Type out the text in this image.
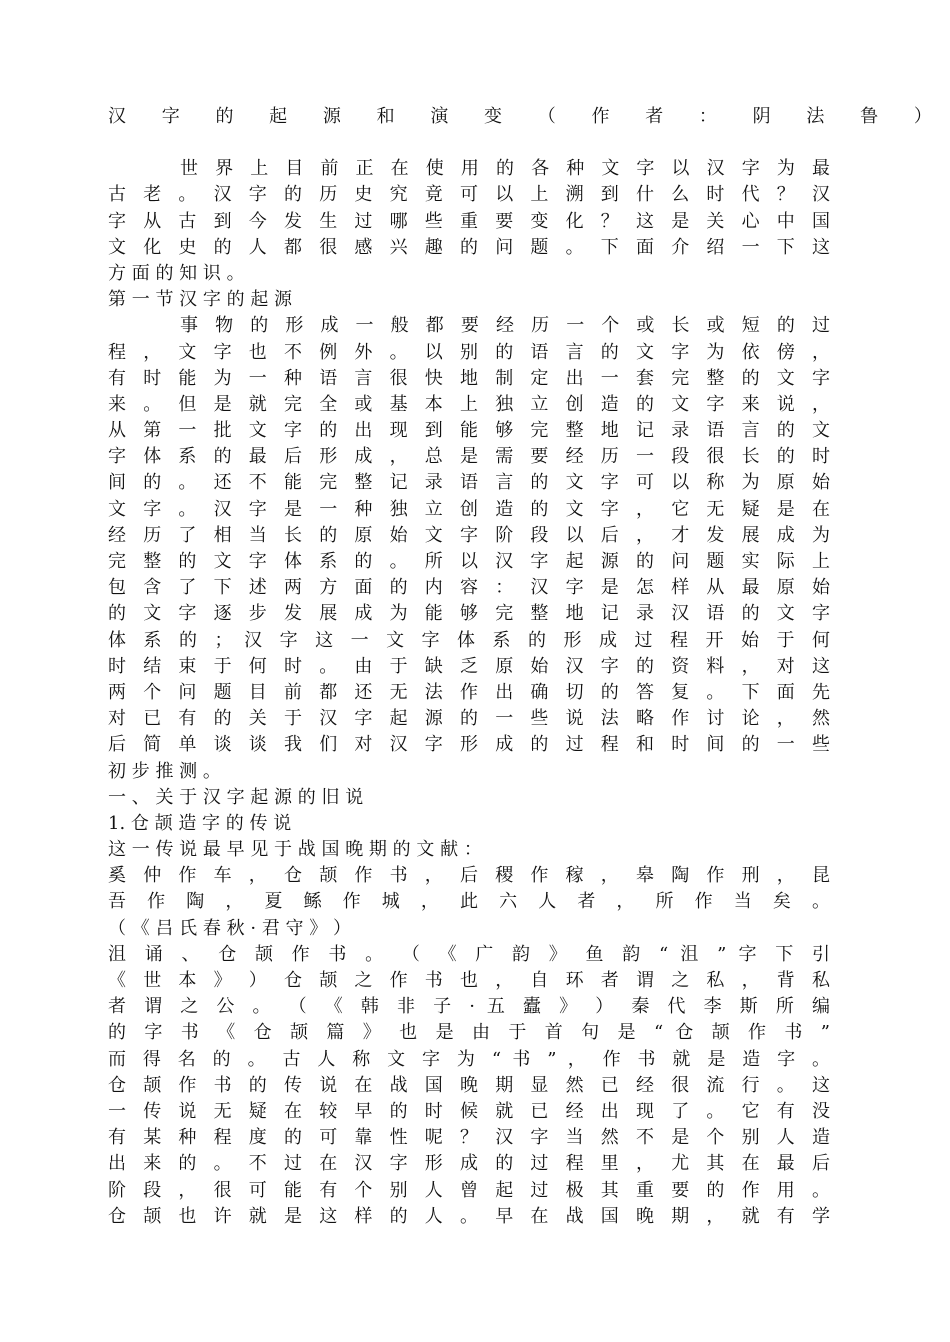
汉 字 的 起 源 和 演 变 （ 作 者 ： 阴 法 鲁 ）
世 界 上 目 前 正 在 使 用 的 各 种 文 字 以 汉 字 为 最
古 老 。 汉 字 的 历 史 究 竟 可 以 上 溯 到 什 么 时 代 ？ 汉
字 从 古 到 今 发 生 过 哪 些 重 要 变 化 ？ 这 是 关 心 中 国
文 化 史 的 人 都 很 感 兴 趣 的 问 题 。 下 面 介 绍 一 下 这
方 面 的 知 识 。
第 一 节 汉 字 的 起 源
事 物 的 形 成 一 般 都 要 经 历 一 个 或 长 或 短 的 过
程 ， 文 字 也 不 例 外 。 以 别 的 语 言 的 文 字 为 依 傍 ，
有 时 能 为 一 种 语 言 很 快 地 制 定 出 一 套 完 整 的 文 字
来 。 但 是 就 完 全 或 基 本 上 独 立 创 造 的 文 字 来 说 ，
从 第 一 批 文 字 的 出 现 到 能 够 完 整 地 记 录 语 言 的 文
字 体 系 的 最 后 形 成 ， 总 是 需 要 经 历 一 段 很 长 的 时
间 的 。 还 不 能 完 整 记 录 语 言 的 文 字 可 以 称 为 原 始
文 字 。 汉 字 是 一 种 独 立 创 造 的 文 字 ， 它 无 疑 是 在
经 历 了 相 当 长 的 原 始 文 字 阶 段 以 后 ， 才 发 展 成 为
完 整 的 文 字 体 系 的 。 所 以 汉 字 起 源 的 问 题 实 际 上
包 含 了 下 述 两 方 面 的 内 容 ： 汉 字 是 怎 样 从 最 原 始
的 文 字 逐 步 发 展 成 为 能 够 完 整 地 记 录 汉 语 的 文 字
体 系 的 ； 汉 字 这 一 文 字 体 系 的 形 成 过 程 开 始 于 何
时 结 束 于 何 时 。 由 于 缺 乏 原 始 汉 字 的 资 料 ， 对 这
两 个 问 题 目 前 都 还 无 法 作 出 确 切 的 答 复 。 下 面 先
对 已 有 的 关 于 汉 字 起 源 的 一 些 说 法 略 作 讨 论 ， 然
后 简 单 谈 谈 我 们 对 汉 字 形 成 的 过 程 和 时 间 的 一 些
初 步 推 测 。
一 、 关 于 汉 字 起 源 的 旧 说
1. 仓 颉 造 字 的 传 说
这 一 传 说 最 早 见 于 战 国 晚 期 的 文 献 ：
奚 仲 作 车 ， 仓 颉 作 书 ， 后 稷 作 稼 ， 皋 陶 作 刑 ， 昆
吾 作 陶 ， 夏 鲧 作 城 ， 此 六 人 者 ， 所 作 当 矣 。
（ 《 吕 氏 春 秋 · 君 守 》 ）
沮 诵 、 仓 颉 作 书 。 （ 《 广 韵 》 鱼 韵 “ 沮 ” 字 下 引
《 世 本 》 ） 仓 颉 之 作 书 也 ， 自 环 者 谓 之 私 ， 背 私
者 谓 之 公 。 （ 《 韩 非 子 · 五 蠹 》 ） 秦 代 李 斯 所 编
的 字 书 《 仓 颉 篇 》 也 是 由 于 首 句 是 “ 仓 颉 作 书 ”
而 得 名 的 。 古 人 称 文 字 为 “ 书 ” ， 作 书 就 是 造 字 。
仓 颉 作 书 的 传 说 在 战 国 晚 期 显 然 已 经 很 流 行 。 这
一 传 说 无 疑 在 较 早 的 时 候 就 已 经 出 现 了 。 它 有 没
有 某 种 程 度 的 可 靠 性 呢 ？ 汉 字 当 然 不 是 个 别 人 造
出 来 的 。 不 过 在 汉 字 形 成 的 过 程 里 ， 尤 其 在 最 后
阶 段 ， 很 可 能 有 个 别 人 曾 起 过 极 其 重 要 的 作 用 。
仓 颉 也 许 就 是 这 样 的 人 。 早 在 战 国 晚 期 ， 就 有 学
